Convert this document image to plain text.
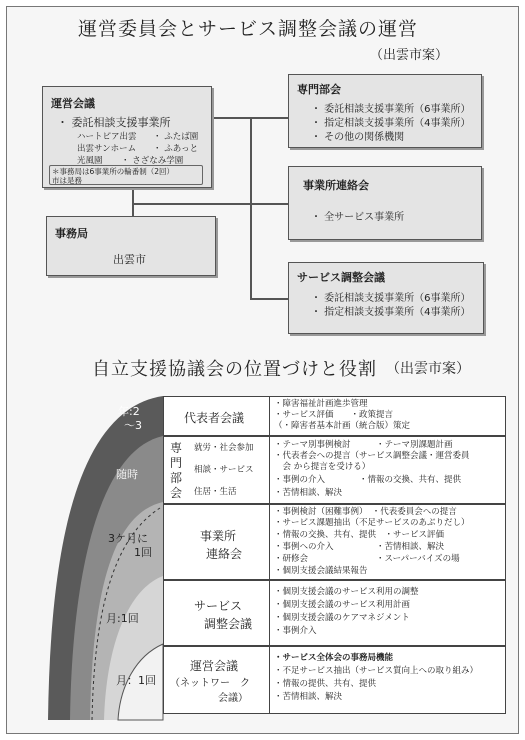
運営委員会とサービス調整会議の運営
（出雲市案）
運営会議
・ 委託相談支援事業所
ハートピア出雲 ・ ふたば園
出雲サンホーム ・ ふあっと
光風園 ・ さざなみ学園
＊事務局は6事業所の輪番制（2回）
市は是務
事務局
出雲市
専門部会
・ 委託相談支援事業所（6事業所）
・ 指定相談支援事業所（4事業所）
・ その他の関係機関
事業所連絡会
・ 全サービス事業所
サービス調整会議
・ 委託相談支援事業所（6事業所）
・ 指定相談支援事業所（4事業所）
自立支援協議会の位置づけと役割 （出雲市案）
年:2
〜3
随時
3ケ月に
1回
月:1回
月：1回
代表者会議
・障害福祉計画進歩管理
・サービス評価　　・政策提言
（・障害者基本計画（統合版）策定
専
門
部
会
就労・社会参加
相談・サービス
住居・生活
・テーマ別事例検討　　　・テーマ別課題計画
・代表者会への提言（サービス調整会議・運営委員
　会 から提言を受ける）
・事例の介入　　　　・情報の交換、共有、提供
・苦情相談、解決
事業所
連絡会
・事例検討（困難事例）　・代表委員会への提言
・サービス課題抽出（不足サービスのあぶりだし）
・情報の交換、共有、提供　・サービス評価
・事例への介入　　　　　・苦情相談、解決
・研修会　　　　　　　　・スーパーバイズの場
・個別支援会議結果報告
サービス
調整会議
・個別支援会議のサービス利用の調整
・個別支援会議のサービス利用計画
・個別支援会議のケアマネジメント
・事例介入
運営会議
（ネットワー　ク
会議）
・サービス全体会の事務局機能
・不足サービス抽出（サービス質向上への取り組み）
・情報の提供、共有、提供
・苦情相談、解決
